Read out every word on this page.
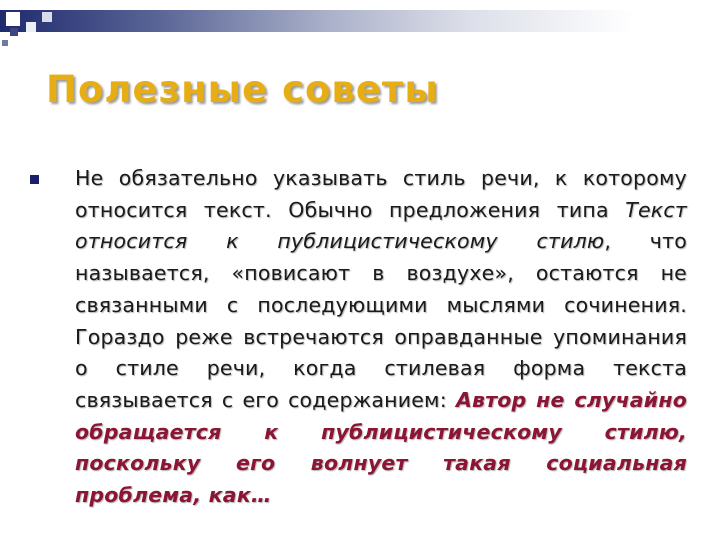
Полезные советы

Не обязательно указывать стиль речи, к которому относится текст. Обычно предложения типа Текст относится к публицистическому стилю, что называется, «повисают в воздухе», остаются не связанными с последующими мыслями сочинения. Гораздо реже встречаются оправданные упоминания о стиле речи, когда стилевая форма текста связывается с его содержанием: Автор не случайно обращается к публицистическому стилю, поскольку его волнует такая социальная проблема, как…
